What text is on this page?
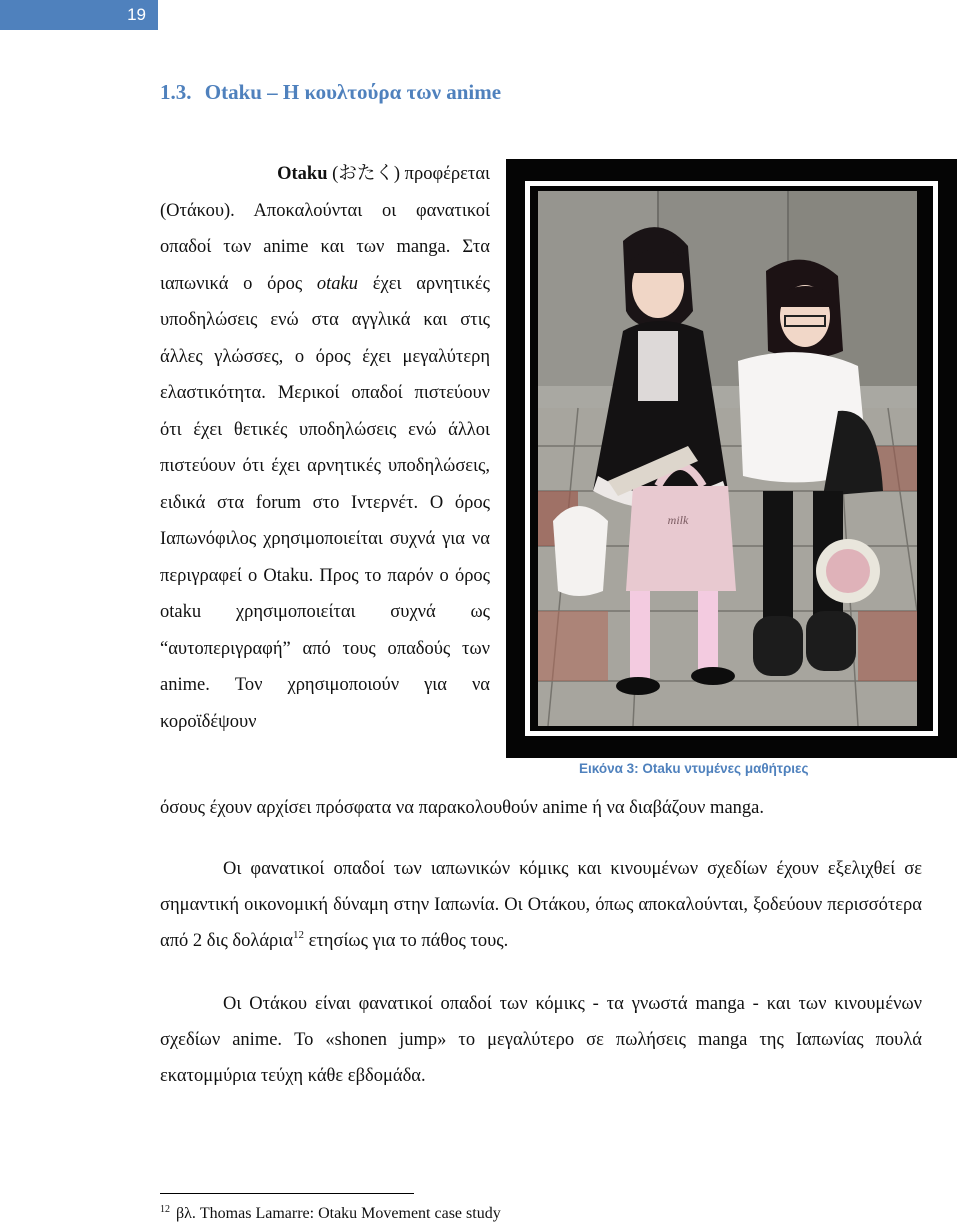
19
1.3. Otaku – Η κουλτούρα των anime

Otaku (おたく) προφέρεται
(Οτάκου). Αποκαλούνται οι φανατικοί οπαδοί των anime και των manga. Στα ιαπωνικά ο όρος otaku έχει αρνητικές υποδηλώσεις ενώ στα αγγλικά και στις άλλες γλώσσες, ο όρος έχει μεγαλύτερη ελαστικότητα. Μερικοί οπαδοί πιστεύουν ότι έχει θετικές υποδηλώσεις ενώ άλλοι πιστεύουν ότι έχει αρνητικές υποδηλώσεις, ειδικά στα forum στο Ιντερνέτ. Ο όρος Ιαπωνόφιλος χρησιμοποιείται συχνά για να περιγραφεί ο Otaku. Προς το παρόν ο όρος otaku χρησιμοποιείται συχνά ως “αυτοπεριγραφή” από τους οπαδούς των anime. Τον χρησιμοποιούν για να κοροϊδέψουν

όσους έχουν αρχίσει πρόσφατα να παρακολουθούν anime ή να διαβάζουν manga.

milk

Εικόνα 3: Otaku ντυμένες μαθήτριες

Οι φανατικοί οπαδοί των ιαπωνικών κόμικς και κινουμένων σχεδίων έχουν εξελιχθεί σε σημαντική οικονομική δύναμη στην Ιαπωνία. Οι Οτάκου, όπως αποκαλούνται, ξοδεύουν περισσότερα από 2 δις δολάρια$^{12}$ ετησίως για το πάθος τους.

Οι Οτάκου είναι φανατικοί οπαδοί των κόμικς - τα γνωστά manga - και των κινουμένων σχεδίων anime. Το «shonen jump» το μεγαλύτερο σε πωλήσεις manga της Ιαπωνίας πουλά εκατομμύρια τεύχη κάθε εβδομάδα.

$^{12}$ βλ. Thomas Lamarre: Otaku Movement case study
